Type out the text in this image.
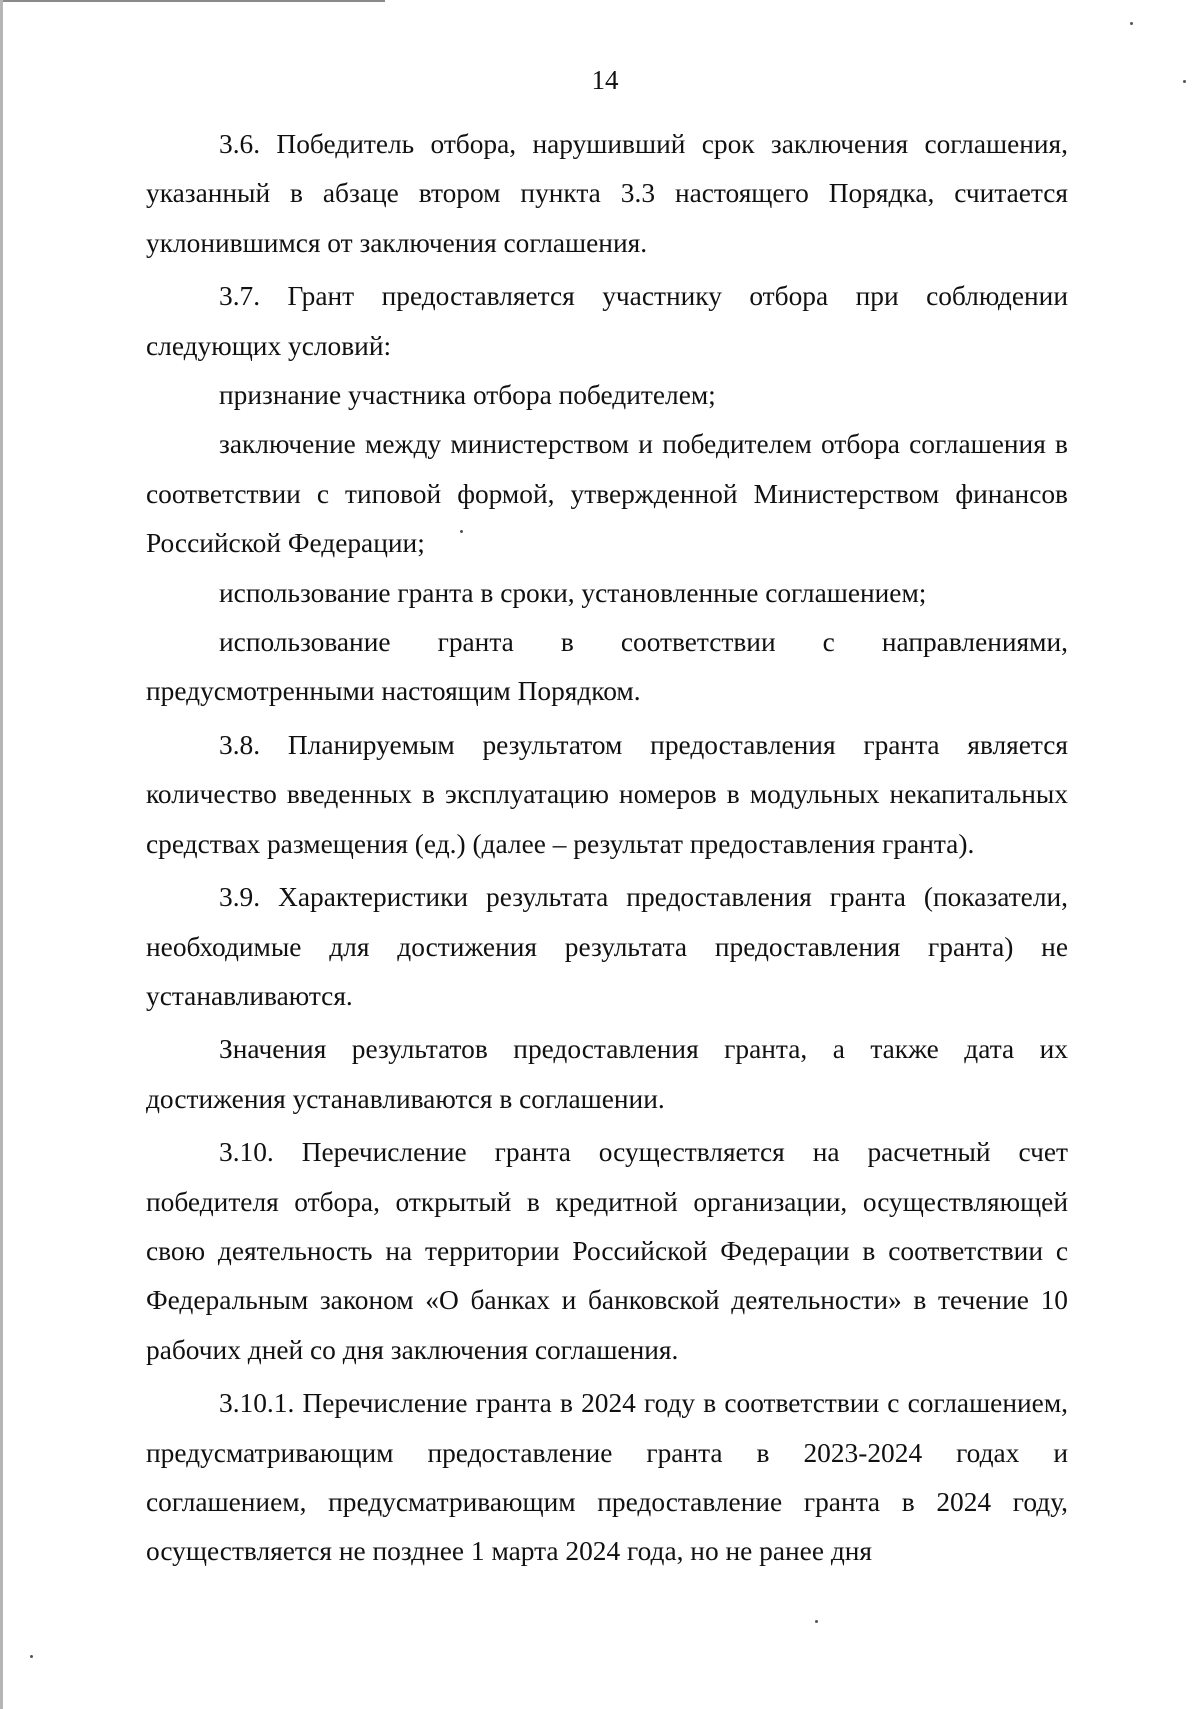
14

3.6. Победитель отбора, нарушивший срок заключения соглашения, указанный в абзаце втором пункта 3.3 настоящего Порядка, считается уклонившимся от заключения соглашения.

3.7. Грант предоставляется участнику отбора при соблюдении следующих условий:

признание участника отбора победителем;

заключение между министерством и победителем отбора соглашения в соответствии с типовой формой, утвержденной Министерством финансов Российской Федерации;

использование гранта в сроки, установленные соглашением;

использование гранта в соответствии с направлениями, предусмотренными настоящим Порядком.

3.8. Планируемым результатом предоставления гранта является количество введенных в эксплуатацию номеров в модульных некапитальных средствах размещения (ед.) (далее – результат предоставления гранта).

3.9. Характеристики результата предоставления гранта (показатели, необходимые для достижения результата предоставления гранта) не устанавливаются.

Значения результатов предоставления гранта, а также дата их достижения устанавливаются в соглашении.

3.10. Перечисление гранта осуществляется на расчетный счет победителя отбора, открытый в кредитной организации, осуществляющей свою деятельность на территории Российской Федерации в соответствии с Федеральным законом «О банках и банковской деятельности» в течение 10 рабочих дней со дня заключения соглашения.

3.10.1. Перечисление гранта в 2024 году в соответствии с соглашением, предусматривающим предоставление гранта в 2023-2024 годах и соглашением, предусматривающим предоставление гранта в 2024 году, осуществляется не позднее 1 марта 2024 года, но не ранее дня
